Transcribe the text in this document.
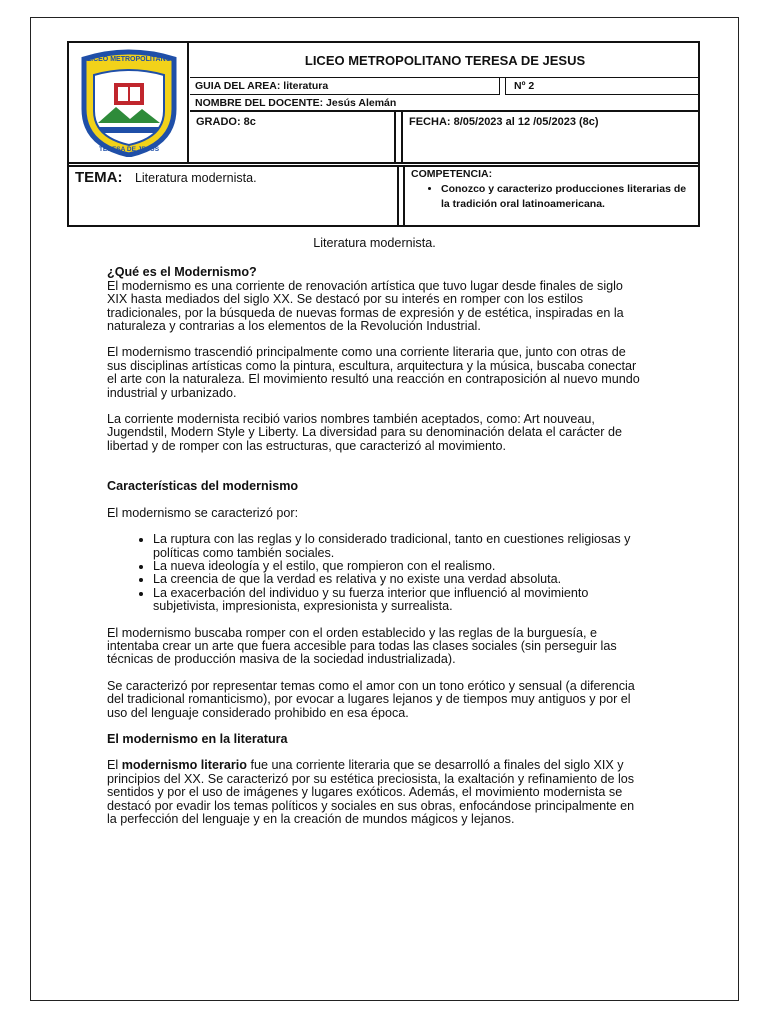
LICEO METROPOLITANO
TERESA DE JESUS
LICEO METROPOLITANO TERESA DE JESUS
GUIA DEL AREA: literatura	Nº 2
NOMBRE DEL DOCENTE: Jesús Alemán
GRADO: 8c	FECHA: 8/05/2023 al 12 /05/2023 (8c)
TEMA: Literatura modernista.	COMPETENCIA:
• Conozco y caracterizo producciones literarias de la tradición oral latinoamericana.

Literatura modernista.

¿Qué es el Modernismo?

El modernismo es una corriente de renovación artística que tuvo lugar desde finales de siglo XIX hasta mediados del siglo XX. Se destacó por su interés en romper con los estilos tradicionales, por la búsqueda de nuevas formas de expresión y de estética, inspiradas en la naturaleza y contrarias a los elementos de la Revolución Industrial.

El modernismo trascendió principalmente como una corriente literaria que, junto con otras de sus disciplinas artísticas como la pintura, escultura, arquitectura y la música, buscaba conectar el arte con la naturaleza. El movimiento resultó una reacción en contraposición al nuevo mundo industrial y urbanizado.

La corriente modernista recibió varios nombres también aceptados, como: Art nouveau, Jugendstil, Modern Style y Liberty. La diversidad para su denominación delata el carácter de libertad y de romper con las estructuras, que caracterizó al movimiento.

Características del modernismo

El modernismo se caracterizó por:

• La ruptura con las reglas y lo considerado tradicional, tanto en cuestiones religiosas y políticas como también sociales.
• La nueva ideología y el estilo, que rompieron con el realismo.
• La creencia de que la verdad es relativa y no existe una verdad absoluta.
• La exacerbación del individuo y su fuerza interior que influenció al movimiento subjetivista, impresionista, expresionista y surrealista.

El modernismo buscaba romper con el orden establecido y las reglas de la burguesía, e intentaba crear un arte que fuera accesible para todas las clases sociales (sin perseguir las técnicas de producción masiva de la sociedad industrializada).

Se caracterizó por representar temas como el amor con un tono erótico y sensual (a diferencia del tradicional romanticismo), por evocar a lugares lejanos y de tiempos muy antiguos y por el uso del lenguaje considerado prohibido en esa época.

El modernismo en la literatura

El modernismo literario fue una corriente literaria que se desarrolló a finales del siglo XIX y principios del XX. Se caracterizó por su estética preciosista, la exaltación y refinamiento de los sentidos y por el uso de imágenes y lugares exóticos. Además, el movimiento modernista se destacó por evadir los temas políticos y sociales en sus obras, enfocándose principalmente en la perfección del lenguaje y en la creación de mundos mágicos y lejanos.
